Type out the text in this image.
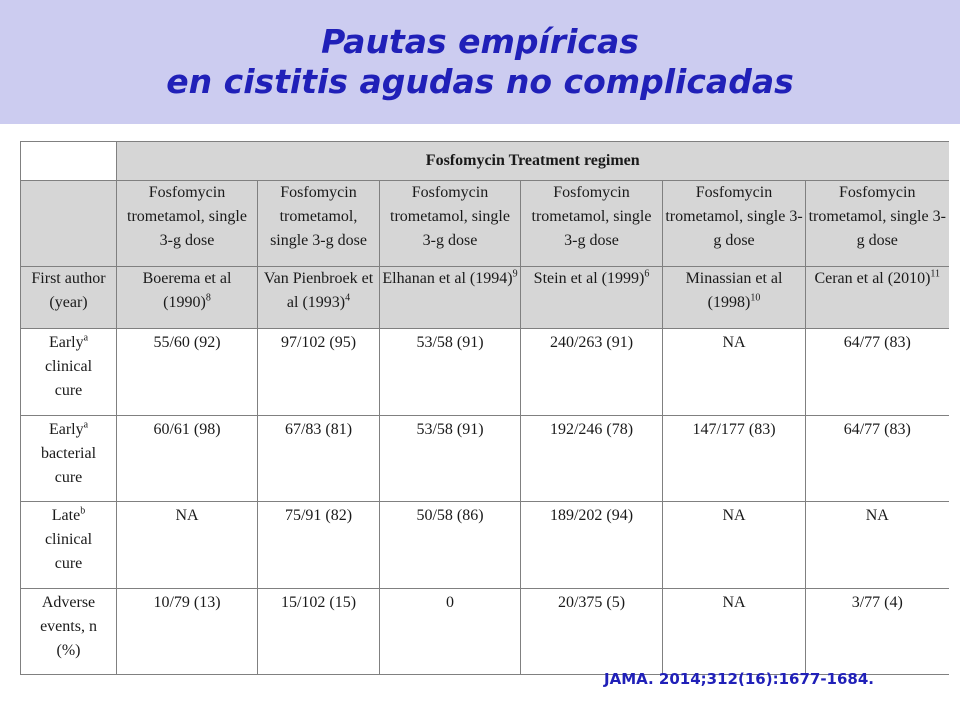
Pautas empíricas
en cistitis agudas no complicadas
	Fosfomycin Treatment regimen					
	Fosfomycin trometamol, single 3-g dose	Fosfomycin trometamol, single 3-g dose	Fosfomycin trometamol, single 3-g dose	Fosfomycin trometamol, single 3-g dose	Fosfomycin trometamol, single 3-g dose	Fosfomycin trometamol, single 3-g dose
First author (year)	Boerema et al $(1990)^8$	Van Pienbroek et al $(1993)^4$	Elhanan et al $(1994)^9$	Stein et al $(1999)^6$	Minassian et al $(1998)^{10}$	Ceran et al $(2010)^{11}$
Early$^a$
clinical
cure	55/60 (92)	97/102 (95)	53/58 (91)	240/263 (91)	NA	64/77 (83)
Early$^a$
bacterial
cure	60/61 (98)	67/83 (81)	53/58 (91)	192/246 (78)	147/177 (83)	64/77 (83)
Late$^b$
clinical
cure	NA	75/91 (82)	50/58 (86)	189/202 (94)	NA	NA
Adverse
events, n
(%)	10/79 (13)	15/102 (15)	0	20/375 (5)	NA	3/77 (4)
JAMA. 2014;312(16):1677-1684.
